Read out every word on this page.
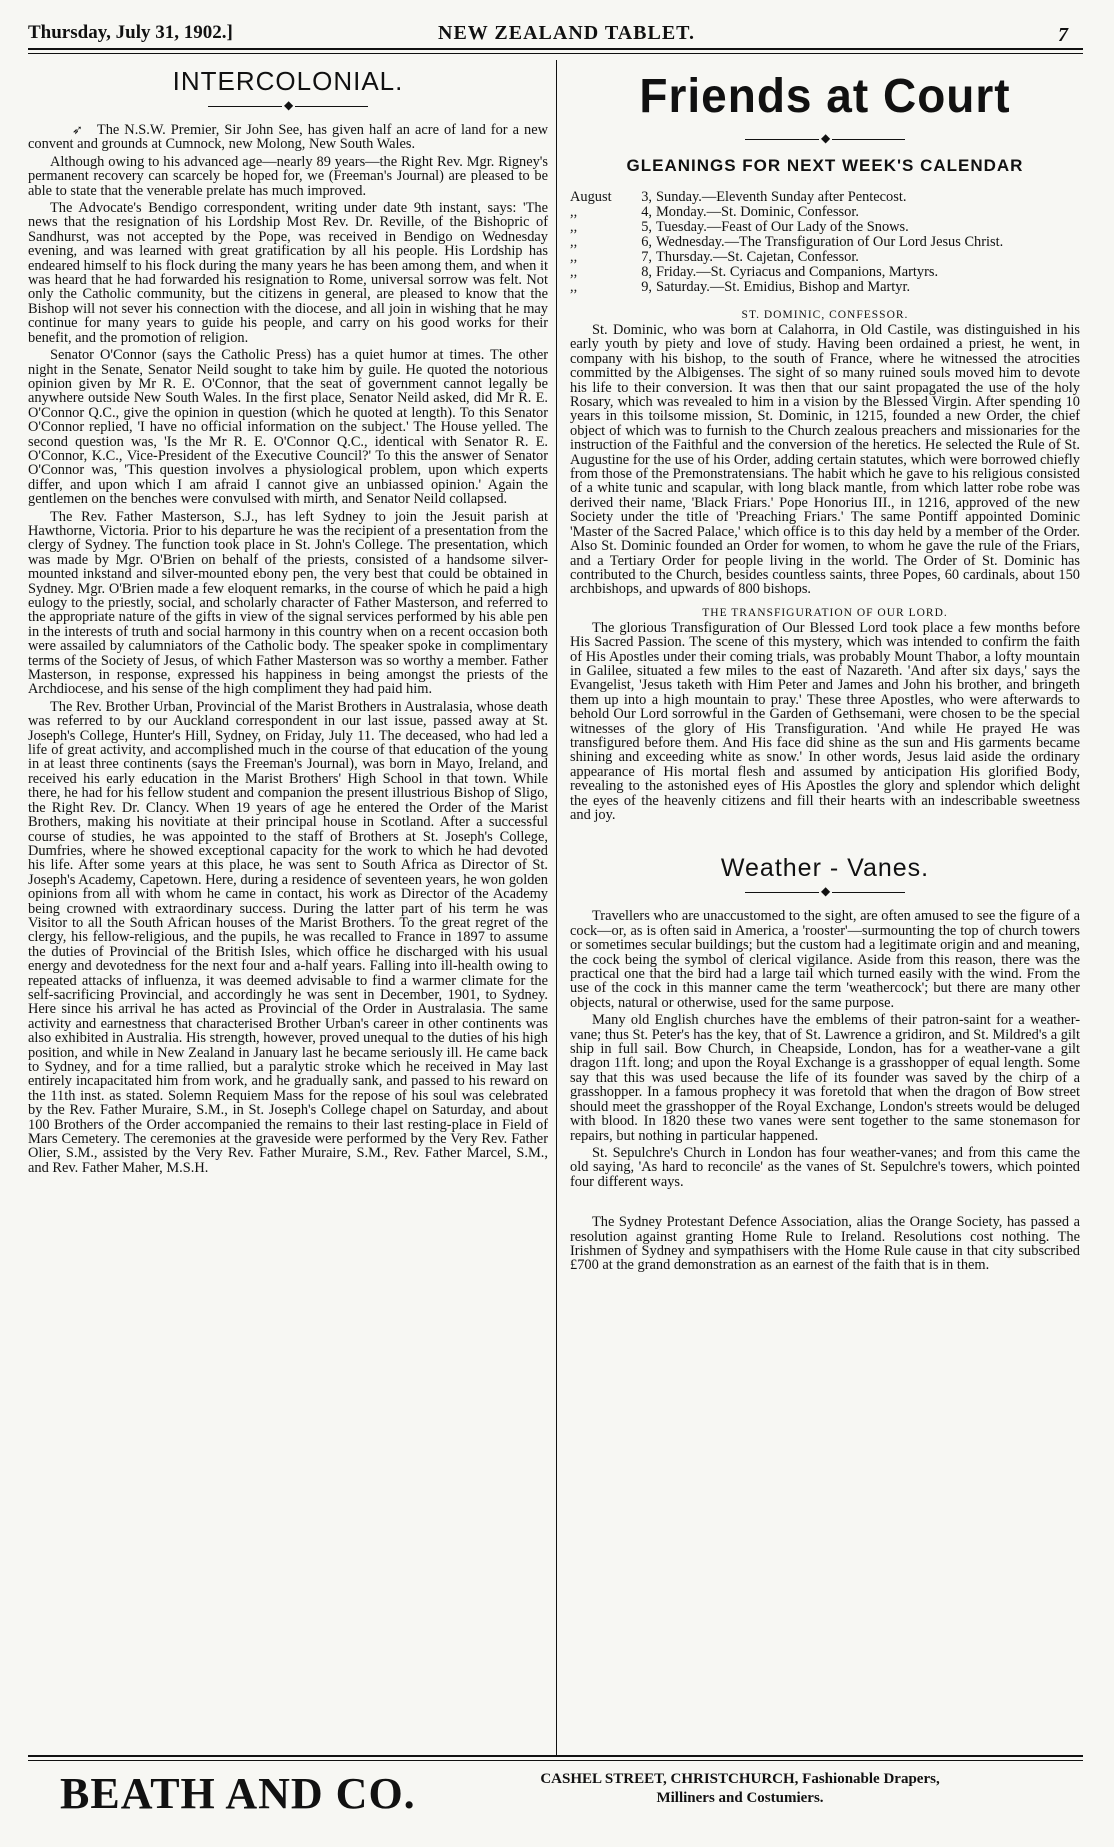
Thursday, July 31, 1902.]	NEW ZEALAND TABLET.	7
INTERCOLONIAL.
◆

➶ The N.S.W. Premier, Sir John See, has given half an acre of land for a new convent and grounds at Cumnock, new Molong, New South Wales.

Although owing to his advanced age—nearly 89 years—the Right Rev. Mgr. Rigney's permanent recovery can scarcely be hoped for, we (Freeman's Journal) are pleased to be able to state that the venerable prelate has much improved.

The Advocate's Bendigo correspondent, writing under date 9th instant, says: 'The news that the resignation of his Lordship Most Rev. Dr. Reville, of the Bishopric of Sandhurst, was not accepted by the Pope, was received in Bendigo on Wednesday evening, and was learned with great gratification by all his people. His Lordship has endeared himself to his flock during the many years he has been among them, and when it was heard that he had forwarded his resignation to Rome, universal sorrow was felt. Not only the Catholic community, but the citizens in general, are pleased to know that the Bishop will not sever his connection with the diocese, and all join in wishing that he may continue for many years to guide his people, and carry on his good works for their benefit, and the promotion of religion.

Senator O'Connor (says the Catholic Press) has a quiet humor at times. The other night in the Senate, Senator Neild sought to take him by guile. He quoted the notorious opinion given by Mr R. E. O'Connor, that the seat of government cannot legally be anywhere outside New South Wales. In the first place, Senator Neild asked, did Mr R. E. O'Connor Q.C., give the opinion in question (which he quoted at length). To this Senator O'Connor replied, 'I have no official information on the subject.' The House yelled. The second question was, 'Is the Mr R. E. O'Connor Q.C., identical with Senator R. E. O'Connor, K.C., Vice-President of the Executive Council?' To this the answer of Senator O'Connor was, 'This question involves a physiological problem, upon which experts differ, and upon which I am afraid I cannot give an unbiassed opinion.' Again the gentlemen on the benches were convulsed with mirth, and Senator Neild collapsed.

The Rev. Father Masterson, S.J., has left Sydney to join the Jesuit parish at Hawthorne, Victoria. Prior to his departure he was the recipient of a presentation from the clergy of Sydney. The function took place in St. John's College. The presentation, which was made by Mgr. O'Brien on behalf of the priests, consisted of a handsome silver-mounted inkstand and silver-mounted ebony pen, the very best that could be obtained in Sydney. Mgr. O'Brien made a few eloquent remarks, in the course of which he paid a high eulogy to the priestly, social, and scholarly character of Father Masterson, and referred to the appropriate nature of the gifts in view of the signal services performed by his able pen in the interests of truth and social harmony in this country when on a recent occasion both were assailed by calumniators of the Catholic body. The speaker spoke in complimentary terms of the Society of Jesus, of which Father Masterson was so worthy a member. Father Masterson, in response, expressed his happiness in being amongst the priests of the Archdiocese, and his sense of the high compliment they had paid him.

The Rev. Brother Urban, Provincial of the Marist Brothers in Australasia, whose death was referred to by our Auckland correspondent in our last issue, passed away at St. Joseph's College, Hunter's Hill, Sydney, on Friday, July 11. The deceased, who had led a life of great activity, and accomplished much in the course of that education of the young in at least three continents (says the Freeman's Journal), was born in Mayo, Ireland, and received his early education in the Marist Brothers' High School in that town. While there, he had for his fellow student and companion the present illustrious Bishop of Sligo, the Right Rev. Dr. Clancy. When 19 years of age he entered the Order of the Marist Brothers, making his novitiate at their principal house in Scotland. After a successful course of studies, he was appointed to the staff of Brothers at St. Joseph's College, Dumfries, where he showed exceptional capacity for the work to which he had devoted his life. After some years at this place, he was sent to South Africa as Director of St. Joseph's Academy, Capetown. Here, during a residence of seventeen years, he won golden opinions from all with whom he came in contact, his work as Director of the Academy being crowned with extraordinary success. During the latter part of his term he was Visitor to all the South African houses of the Marist Brothers. To the great regret of the clergy, his fellow-religious, and the pupils, he was recalled to France in 1897 to assume the duties of Provincial of the British Isles, which office he discharged with his usual energy and devotedness for the next four and a-half years. Falling into ill-health owing to repeated attacks of influenza, it was deemed advisable to find a warmer climate for the self-sacrificing Provincial, and accordingly he was sent in December, 1901, to Sydney. Here since his arrival he has acted as Provincial of the Order in Australasia. The same activity and earnestness that characterised Brother Urban's career in other continents was also exhibited in Australia. His strength, however, proved unequal to the duties of his high position, and while in New Zealand in January last he became seriously ill. He came back to Sydney, and for a time rallied, but a paralytic stroke which he received in May last entirely incapacitated him from work, and he gradually sank, and passed to his reward on the 11th inst. as stated. Solemn Requiem Mass for the repose of his soul was celebrated by the Rev. Father Muraire, S.M., in St. Joseph's College chapel on Saturday, and about 100 Brothers of the Order accompanied the remains to their last resting-place in Field of Mars Cemetery. The ceremonies at the graveside were performed by the Very Rev. Father Olier, S.M., assisted by the Very Rev. Father Muraire, S.M., Rev. Father Marcel, S.M., and Rev. Father Maher, M.S.H.

Friends at Court
◆
GLEANINGS FOR NEXT WEEK'S CALENDAR
August	3, Sunday.—Eleventh Sunday after Pentecost.
,,	4, Monday.—St. Dominic, Confessor.
,,	5, Tuesday.—Feast of Our Lady of the Snows.
,,	6, Wednesday.—The Transfiguration of Our Lord Jesus Christ.
,,	7, Thursday.—St. Cajetan, Confessor.
,,	8, Friday.—St. Cyriacus and Companions, Martyrs.
,,	9, Saturday.—St. Emidius, Bishop and Martyr.
ST. DOMINIC, CONFESSOR.

St. Dominic, who was born at Calahorra, in Old Castile, was distinguished in his early youth by piety and love of study. Having been ordained a priest, he went, in company with his bishop, to the south of France, where he witnessed the atrocities committed by the Albigenses. The sight of so many ruined souls moved him to devote his life to their conversion. It was then that our saint propagated the use of the holy Rosary, which was revealed to him in a vision by the Blessed Virgin. After spending 10 years in this toilsome mission, St. Dominic, in 1215, founded a new Order, the chief object of which was to furnish to the Church zealous preachers and missionaries for the instruction of the Faithful and the conversion of the heretics. He selected the Rule of St. Augustine for the use of his Order, adding certain statutes, which were borrowed chiefly from those of the Premonstratensians. The habit which he gave to his religious consisted of a white tunic and scapular, with long black mantle, from which latter robe robe was derived their name, 'Black Friars.' Pope Honorius III., in 1216, approved of the new Society under the title of 'Preaching Friars.' The same Pontiff appointed Dominic 'Master of the Sacred Palace,' which office is to this day held by a member of the Order. Also St. Dominic founded an Order for women, to whom he gave the rule of the Friars, and a Tertiary Order for people living in the world. The Order of St. Dominic has contributed to the Church, besides countless saints, three Popes, 60 cardinals, about 150 archbishops, and upwards of 800 bishops.

THE TRANSFIGURATION OF OUR LORD.

The glorious Transfiguration of Our Blessed Lord took place a few months before His Sacred Passion. The scene of this mystery, which was intended to confirm the faith of His Apostles under their coming trials, was probably Mount Thabor, a lofty mountain in Galilee, situated a few miles to the east of Nazareth. 'And after six days,' says the Evangelist, 'Jesus taketh with Him Peter and James and John his brother, and bringeth them up into a high mountain to pray.' These three Apostles, who were afterwards to behold Our Lord sorrowful in the Garden of Gethsemani, were chosen to be the special witnesses of the glory of His Transfiguration. 'And while He prayed He was transfigured before them. And His face did shine as the sun and His garments became shining and exceeding white as snow.' In other words, Jesus laid aside the ordinary appearance of His mortal flesh and assumed by anticipation His glorified Body, revealing to the astonished eyes of His Apostles the glory and splendor which delight the eyes of the heavenly citizens and fill their hearts with an indescribable sweetness and joy.

Weather - Vanes.
◆

Travellers who are unaccustomed to the sight, are often amused to see the figure of a cock—or, as is often said in America, a 'rooster'—surmounting the top of church towers or sometimes secular buildings; but the custom had a legitimate origin and and meaning, the cock being the symbol of clerical vigilance. Aside from this reason, there was the practical one that the bird had a large tail which turned easily with the wind. From the use of the cock in this manner came the term 'weathercock'; but there are many other objects, natural or otherwise, used for the same purpose.

Many old English churches have the emblems of their patron-saint for a weather-vane; thus St. Peter's has the key, that of St. Lawrence a gridiron, and St. Mildred's a gilt ship in full sail. Bow Church, in Cheapside, London, has for a weather-vane a gilt dragon 11ft. long; and upon the Royal Exchange is a grasshopper of equal length. Some say that this was used because the life of its founder was saved by the chirp of a grasshopper. In a famous prophecy it was foretold that when the dragon of Bow street should meet the grasshopper of the Royal Exchange, London's streets would be deluged with blood. In 1820 these two vanes were sent together to the same stonemason for repairs, but nothing in particular happened.

St. Sepulchre's Church in London has four weather-vanes; and from this came the old saying, 'As hard to reconcile' as the vanes of St. Sepulchre's towers, which pointed four different ways.

The Sydney Protestant Defence Association, alias the Orange Society, has passed a resolution against granting Home Rule to Ireland. Resolutions cost nothing. The Irishmen of Sydney and sympathisers with the Home Rule cause in that city subscribed £700 at the grand demonstration as an earnest of the faith that is in them.

BEATH AND CO.	CASHEL STREET, CHRISTCHURCH, Fashionable Drapers,
Milliners and Costumiers.
